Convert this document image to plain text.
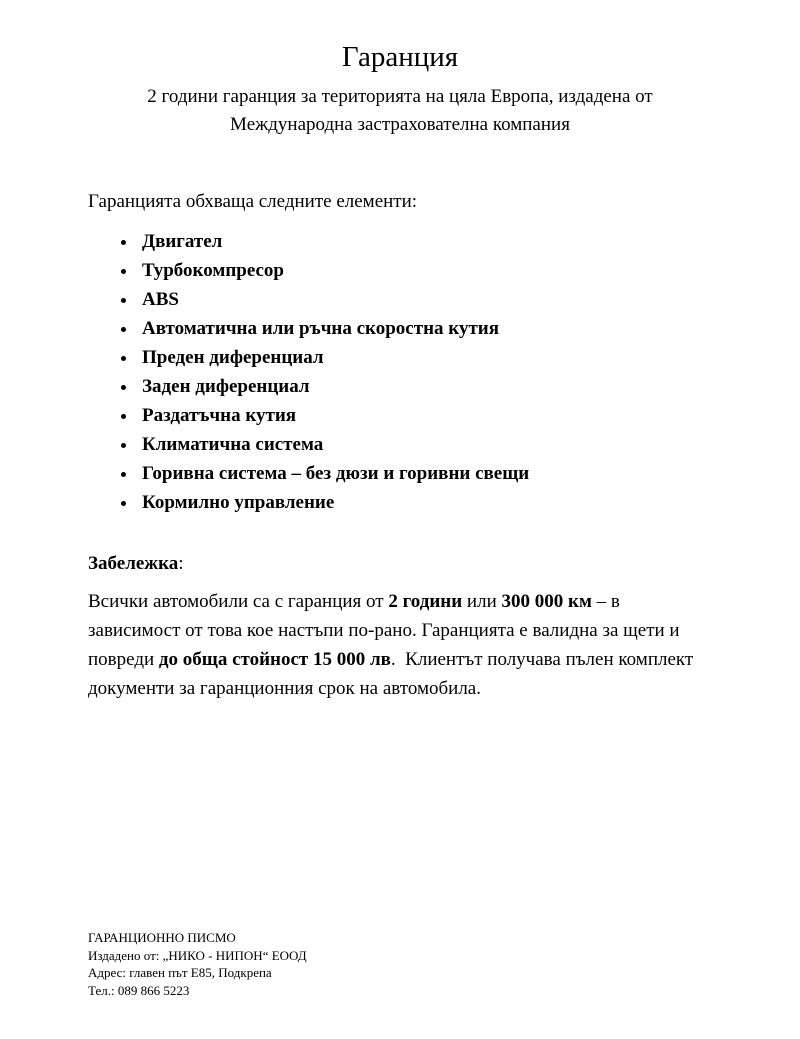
Гаранция

2 години гаранция за територията на цяла Европа, издадена от Международна застрахователна компания

Гаранцията обхваща следните елементи:

• Двигател
• Турбокомпресор
• ABS
• Автоматична или ръчна скоростна кутия
• Преден диференциал
• Заден диференциал
• Раздатъчна кутия
• Климатична система
• Горивна система – без дюзи и горивни свещи
• Кормилно управление

Забележка:

Всички автомобили са с гаранция от 2 години или 300 000 км – в зависимост от това кое настъпи по-рано. Гаранцията е валидна за щети и повреди до обща стойност 15 000 лв.  Клиентът получава пълен комплект документи за гаранционния срок на автомобила.

ГАРАНЦИОННО ПИСМО
Издадено от: „НИКО - НИПОН“ ЕООД
Адрес: главен път Е85, Подкрепа
Тел.: 089 866 5223
